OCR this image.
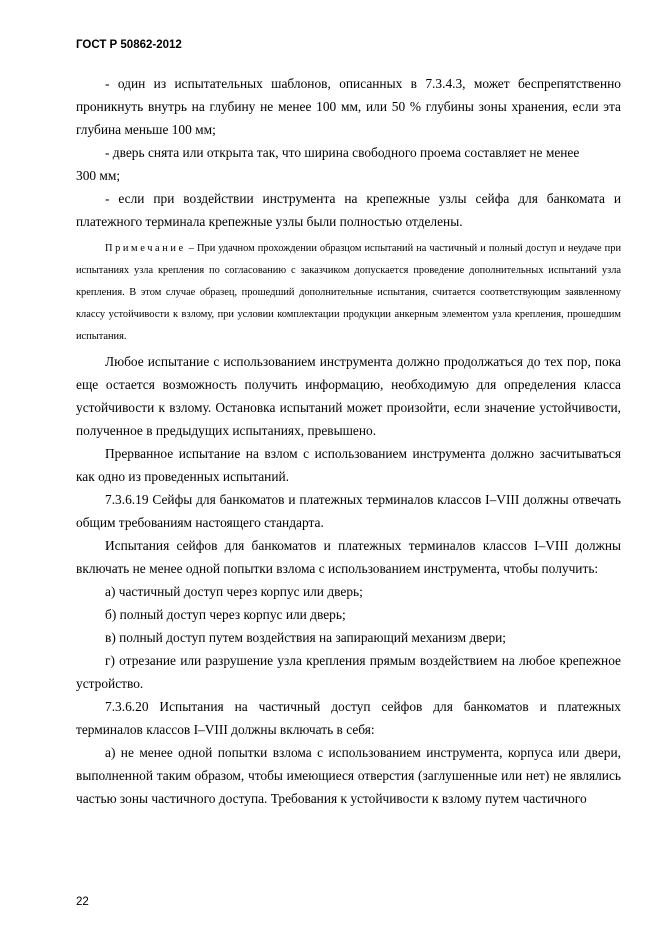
ГОСТ Р 50862-2012

- один из испытательных шаблонов, описанных в 7.3.4.3, может беспрепятственно проникнуть внутрь на глубину не менее 100 мм, или 50 % глубины зоны хранения, если эта глубина меньше 100 мм;

- дверь снята или открыта так, что ширина свободного проема составляет не менее

300 мм;

- если при воздействии инструмента на крепежные узлы сейфа для банкомата и платежного терминала крепежные узлы были полностью отделены.

Примечание – При удачном прохождении образцом испытаний на частичный и полный доступ и неудаче при испытаниях узла крепления по согласованию с заказчиком допускается проведение дополнительных испытаний узла крепления. В этом случае образец, прошедший дополнительные испытания, считается соответствующим заявленному классу устойчивости к взлому, при условии комплектации продукции анкерным элементом узла крепления, прошедшим испытания.

Любое испытание с использованием инструмента должно продолжаться до тех пор, пока еще остается возможность получить информацию, необходимую для определения класса устойчивости к взлому. Остановка испытаний может произойти, если значение устойчивости, полученное в предыдущих испытаниях, превышено.

Прерванное испытание на взлом с использованием инструмента должно засчитываться как одно из проведенных испытаний.

7.3.6.19 Сейфы для банкоматов и платежных терминалов классов I–VIII должны отвечать общим требованиям настоящего стандарта.

Испытания сейфов для банкоматов и платежных терминалов классов I–VIII должны включать не менее одной попытки взлома с использованием инструмента, чтобы получить:

а) частичный доступ через корпус или дверь;

б) полный доступ через корпус или дверь;

в) полный доступ путем воздействия на запирающий механизм двери;

г) отрезание или разрушение узла крепления прямым воздействием на любое крепежное устройство.

7.3.6.20 Испытания на частичный доступ сейфов для банкоматов и платежных терминалов классов I–VIII должны включать в себя:

а) не менее одной попытки взлома с использованием инструмента, корпуса или двери, выполненной таким образом, чтобы имеющиеся отверстия (заглушенные или нет) не являлись частью зоны частичного доступа. Требования к устойчивости к взлому путем частичного

22
